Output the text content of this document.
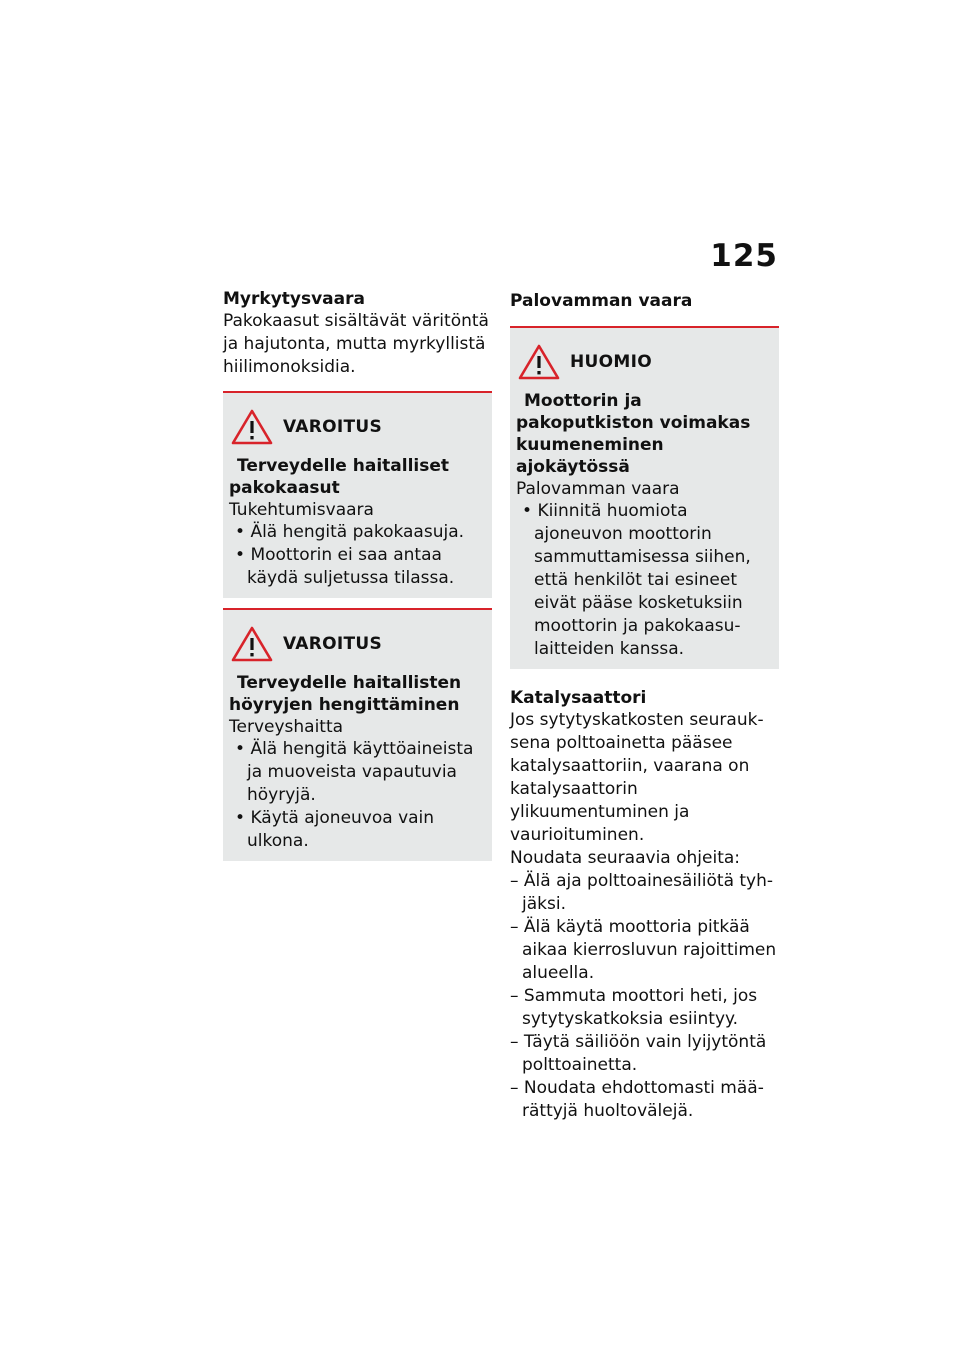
125

Myrkytysvaara

Pakokaasut sisältävät väritöntä ja hajutonta, mutta myrkyllistä hiilimonoksidia.

VAROITUS

Terveydelle haitalliset pakokaasut

Tukehtumisvaara

• Älä hengitä pakokaasuja.
• Moottorin ei saa antaa käydä suljetussa tilassa.
VAROITUS

Terveydelle haitallisten höyryjen hengittäminen

Terveyshaitta

• Älä hengitä käyttöaineista ja muoveista vapautuvia höyryjä.
• Käytä ajoneuvoa vain ulkona.

Palovamman vaara

HUOMIO

Moottorin ja pakoputkiston voimakas kuumeneminen ajokäytössä

Palovamman vaara

• Kiinnitä huomiota ajoneuvon moottorin sammuttamisessa siihen, että henkilöt tai esineet eivät pääse kosketuksiin moottorin ja pakokaasulaitteiden kanssa.

Katalysaattori

Jos sytytyskatkosten seurauksena polttoainetta pääsee katalysaattoriin, vaarana on katalysaattorin ylikuumentuminen ja vaurioituminen.

Noudata seuraavia ohjeita:

– Älä aja polttoainesäiliötä tyhjäksi.
– Älä käytä moottoria pitkää aikaa kierrosluvun rajoittimen alueella.
– Sammuta moottori heti, jos sytytyskatkoksia esiintyy.
– Täytä säiliöön vain lyijytöntä polttoainetta.
– Noudata ehdottomasti määrättyjä huoltovälejä.
